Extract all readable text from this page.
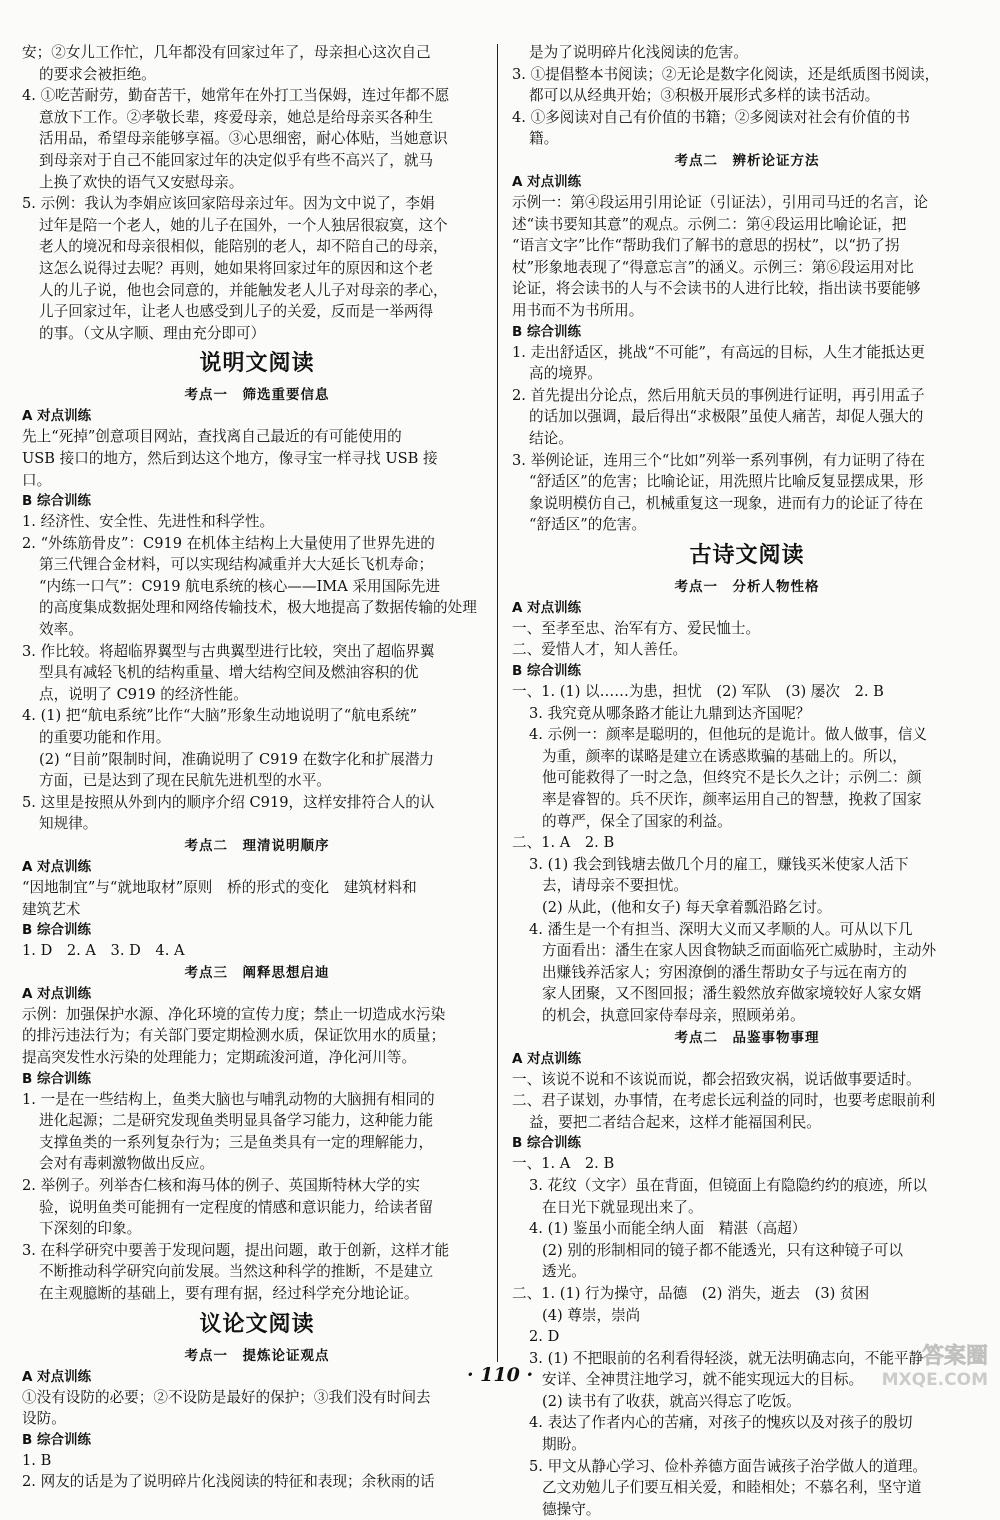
安；②女儿工作忙，几年都没有回家过年了，母亲担心这次自己
的要求会被拒绝。
4. ①吃苦耐劳，勤奋苦干，她常年在外打工当保姆，连过年都不愿
意放下工作。②孝敬长辈，疼爱母亲，她总是给母亲买各种生
活用品，希望母亲能够享福。③心思细密，耐心体贴，当她意识
到母亲对于自己不能回家过年的决定似乎有些不高兴了，就马
上换了欢快的语气又安慰母亲。
5. 示例：我认为李娟应该回家陪母亲过年。因为文中说了，李娟
过年是陪一个老人，她的儿子在国外，一个人独居很寂寞，这个
老人的境况和母亲很相似，能陪别的老人，却不陪自己的母亲，
这怎么说得过去呢？再则，她如果将回家过年的原因和这个老
人的儿子说，他也会同意的，并能触发老人儿子对母亲的孝心，
儿子回家过年，让老人也感受到儿子的关爱，反而是一举两得
的事。（文从字顺、理由充分即可）
说明文阅读
考点一　筛选重要信息
A 对点训练
先上“死掉”创意项目网站，查找离自己最近的有可能使用的
USB 接口的地方，然后到达这个地方，像寻宝一样寻找 USB 接
口。
B 综合训练
1. 经济性、安全性、先进性和科学性。
2. “外练筋骨皮”：C919 在机体主结构上大量使用了世界先进的
第三代锂合金材料，可以实现结构减重并大大延长飞机寿命；
“内练一口气”：C919 航电系统的核心——IMA 采用国际先进
的高度集成数据处理和网络传输技术，极大地提高了数据传输的处理
效率。
3. 作比较。将超临界翼型与古典翼型进行比较，突出了超临界翼
型具有减轻飞机的结构重量、增大结构空间及燃油容积的优
点，说明了 C919 的经济性能。
4. (1) 把“航电系统”比作“大脑”形象生动地说明了“航电系统”
的重要功能和作用。
(2) “目前”限制时间，准确说明了 C919 在数字化和扩展潜力
方面，已是达到了现在民航先进机型的水平。
5. 这里是按照从外到内的顺序介绍 C919，这样安排符合人的认
知规律。
考点二　理清说明顺序
A 对点训练
“因地制宜”与“就地取材”原则　桥的形式的变化　建筑材料和
建筑艺术
B 综合训练
1. D　2. A　3. D　4. A
考点三　阐释思想启迪
A 对点训练
示例：加强保护水源、净化环境的宣传力度；禁止一切造成水污染
的排污违法行为；有关部门要定期检测水质，保证饮用水的质量；
提高突发性水污染的处理能力；定期疏浚河道，净化河川等。
B 综合训练
1. 一是在一些结构上，鱼类大脑也与哺乳动物的大脑拥有相同的
进化起源；二是研究发现鱼类明显具备学习能力，这种能力能
支撑鱼类的一系列复杂行为；三是鱼类具有一定的理解能力，
会对有毒刺激物做出反应。
2. 举例子。列举杏仁核和海马体的例子、英国斯特林大学的实
验，说明鱼类可能拥有一定程度的情感和意识能力，给读者留
下深刻的印象。
3. 在科学研究中要善于发现问题，提出问题，敢于创新，这样才能
不断推动科学研究向前发展。当然这种科学的推断，不是建立
在主观臆断的基础上，要有理有据，经过科学充分地论证。
议论文阅读
考点一　提炼论证观点
A 对点训练
①没有设防的必要；②不设防是最好的保护；③我们没有时间去
设防。
B 综合训练
1. B
2. 网友的话是为了说明碎片化浅阅读的特征和表现；余秋雨的话
是为了说明碎片化浅阅读的危害。
3. ①提倡整本书阅读；②无论是数字化阅读，还是纸质图书阅读，
都可以从经典开始；③积极开展形式多样的读书活动。
4. ①多阅读对自己有价值的书籍；②多阅读对社会有价值的书
籍。
考点二　辨析论证方法
A 对点训练
示例一：第④段运用引用论证（引证法），引用司马迁的名言，论
述“读书要知其意”的观点。示例二：第④段运用比喻论证，把
“语言文字”比作“帮助我们了解书的意思的拐杖”，以“扔了拐
杖”形象地表现了“得意忘言”的涵义。示例三：第⑥段运用对比
论证，将会读书的人与不会读书的人进行比较，指出读书要能够
用书而不为书所用。
B 综合训练
1. 走出舒适区，挑战“不可能”，有高远的目标，人生才能抵达更
高的境界。
2. 首先提出分论点，然后用航天员的事例进行证明，再引用孟子
的话加以强调，最后得出“求极限”虽使人痛苦，却促人强大的
结论。
3. 举例论证，连用三个“比如”列举一系列事例，有力证明了待在
“舒适区”的危害；比喻论证，用洗照片比喻反复显摆成果，形
象说明模仿自己，机械重复这一现象，进而有力的论证了待在
“舒适区”的危害。
古诗文阅读
考点一　分析人物性格
A 对点训练
一、至孝至忠、治军有方、爱民恤士。
二、爱惜人才，知人善任。
B 综合训练
一、1. (1) 以……为患，担忧　(2) 军队　(3) 屡次　2. B
3. 我究竟从哪条路才能让九鼎到达齐国呢？
4. 示例一：颜率是聪明的，但他玩的是诡计。做人做事，信义
为重，颜率的谋略是建立在诱惑欺骗的基础上的。所以，
他可能救得了一时之急，但终究不是长久之计；示例二：颜
率是睿智的。兵不厌诈，颜率运用自己的智慧，挽救了国家
的尊严，保全了国家的利益。
二、1. A　2. B
3. (1) 我会到钱塘去做几个月的雇工，赚钱买米使家人活下
去，请母亲不要担忧。
(2) 从此，(他和女子) 每天拿着瓢沿路乞讨。
4. 潘生是一个有担当、深明大义而又孝顺的人。可从以下几
方面看出：潘生在家人因食物缺乏而面临死亡威胁时，主动外
出赚钱养活家人；穷困潦倒的潘生帮助女子与远在南方的
家人团聚，又不图回报；潘生毅然放弃做家境较好人家女婿
的机会，执意回家侍奉母亲，照顾弟弟。
考点二　品鉴事物事理
A 对点训练
一、该说不说和不该说而说，都会招致灾祸，说话做事要适时。
二、君子谋划，办事情，在考虑长远利益的同时，也要考虑眼前利
益，要把二者结合起来，这样才能福国利民。
B 综合训练
一、1. A　2. B
3. 花纹（文字）虽在背面，但镜面上有隐隐约约的痕迹，所以
在日光下就显现出来了。
4. (1) 鉴虽小而能全纳人面　精湛（高超）
(2) 别的形制相同的镜子都不能透光，只有这种镜子可以
透光。
二、1. (1) 行为操守，品德　(2) 消失，逝去　(3) 贫困
(4) 尊崇，崇尚
2. D
3. (1) 不把眼前的名利看得轻淡，就无法明确志向，不能平静
安详、全神贯注地学习，就不能实现远大的目标。
(2) 读书有了收获，就高兴得忘了吃饭。
4. 表达了作者内心的苦痛，对孩子的愧疚以及对孩子的殷切
期盼。
5. 甲文从静心学习、俭朴养德方面告诫孩子治学做人的道理。
乙文劝勉儿子们要互相关爱，和睦相处；不慕名利，坚守道
德操守。
· 110 ·
答案圈
MXQE.COM
